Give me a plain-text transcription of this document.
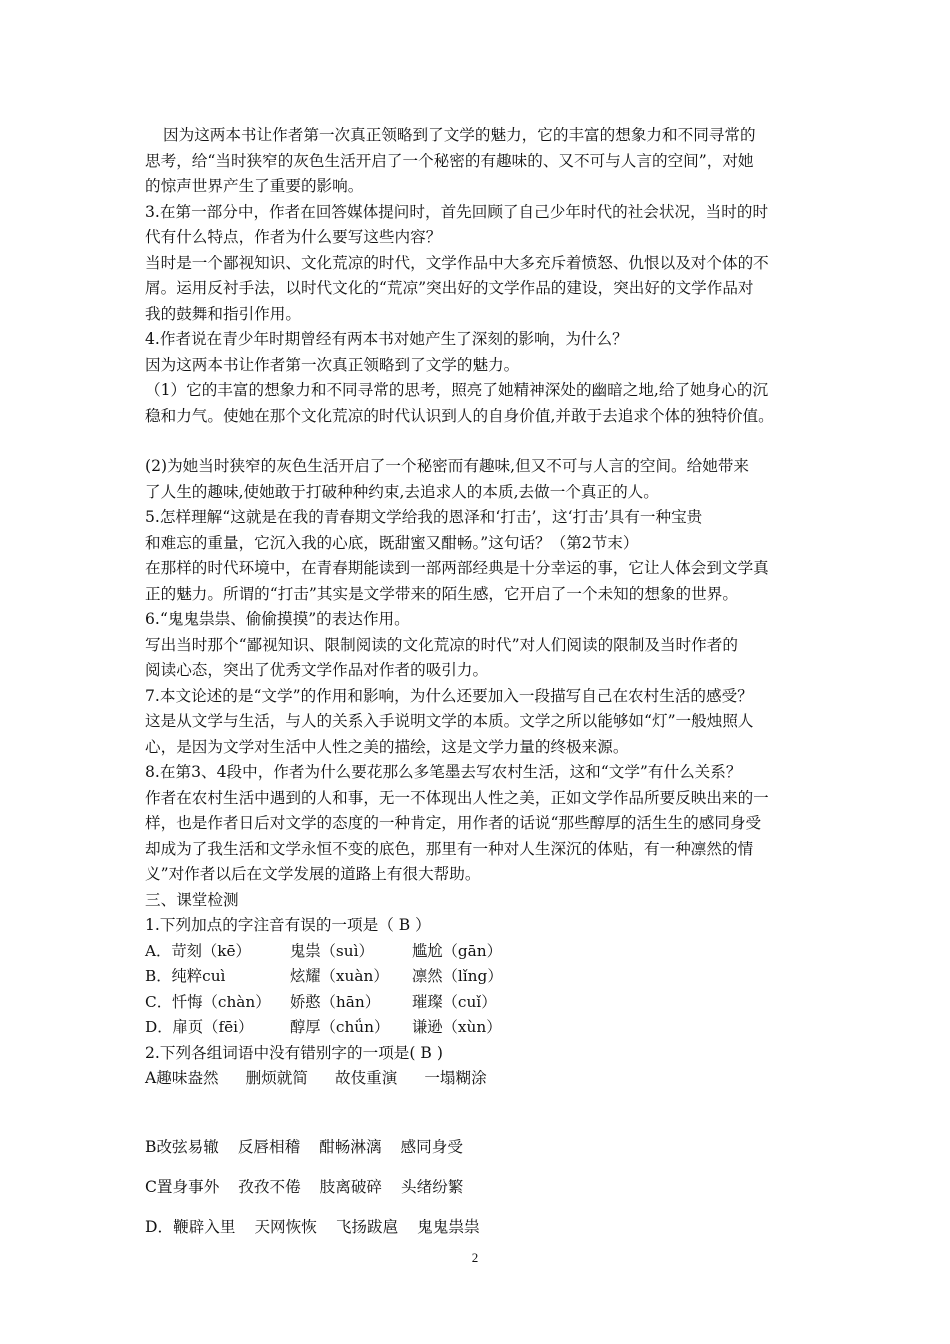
因为这两本书让作者第一次真正领略到了文学的魅力，它的丰富的想象力和不同寻常的

思考，给“当时狭窄的灰色生活开启了一个秘密的有趣味的、又不可与人言的空间”，对她

的惊声世界产生了重要的影响。

3.在第一部分中，作者在回答媒体提问时，首先回顾了自己少年时代的社会状况，当时的时

代有什么特点，作者为什么要写这些内容？

当时是一个鄙视知识、文化荒凉的时代，文学作品中大多充斥着愤怒、仇恨以及对个体的不

屑。运用反衬手法，以时代文化的“荒凉”突出好的文学作品的建设，突出好的文学作品对

我的鼓舞和指引作用。

4.作者说在青少年时期曾经有两本书对她产生了深刻的影响，为什么？

因为这两本书让作者第一次真正领略到了文学的魅力。

（1）它的丰富的想象力和不同寻常的思考，照亮了她精神深处的幽暗之地,给了她身心的沉

稳和力气。使她在那个文化荒凉的时代认识到人的自身价值,并敢于去追求个体的独特价值。

(2)为她当时狭窄的灰色生活开启了一个秘密而有趣味,但又不可与人言的空间。给她带来

了人生的趣味,使她敢于打破种种约束,去追求人的本质,去做一个真正的人。

5.怎样理解“这就是在我的青春期文学给我的恩泽和‘打击’，这‘打击’具有一种宝贵

和难忘的重量，它沉入我的心底，既甜蜜又酣畅。”这句话？（第2节末）

在那样的时代环境中，在青春期能读到一部两部经典是十分幸运的事，它让人体会到文学真

正的魅力。所谓的“打击”其实是文学带来的陌生感，它开启了一个未知的想象的世界。

6.“鬼鬼祟祟、偷偷摸摸”的表达作用。

写出当时那个“鄙视知识、限制阅读的文化荒凉的时代”对人们阅读的限制及当时作者的

阅读心态，突出了优秀文学作品对作者的吸引力。

7.本文论述的是“文学”的作用和影响，为什么还要加入一段描写自己在农村生活的感受？

这是从文学与生活，与人的关系入手说明文学的本质。文学之所以能够如“灯”一般烛照人

心，是因为文学对生活中人性之美的描绘，这是文学力量的终极来源。

8.在第3、4段中，作者为什么要花那么多笔墨去写农村生活，这和“文学”有什么关系？

作者在农村生活中遇到的人和事，无一不体现出人性之美，正如文学作品所要反映出来的一

样，也是作者日后对文学的态度的一种肯定，用作者的话说“那些醇厚的活生生的感同身受

却成为了我生活和文学永恒不变的底色，那里有一种对人生深沉的体贴，有一种凛然的情

义”对作者以后在文学发展的道路上有很大帮助。

三、课堂检测

1.下列加点的字注音有误的一项是（ B ）

A．苛刻（kē）	鬼祟（suì）	尴尬（gān）
B．纯粹cuì	炫耀（xuàn）	凛然（lǐng）
C．忏悔（chàn）	娇憨（hān）	璀璨（cuǐ）
D．扉页（fēi）	醇厚（chǘn）	谦逊（xùn）

2.下列各组词语中没有错别字的一项是( B )

A趣味盎然 删烦就简 故伎重演 一塌糊涂
B改弦易辙 反唇相稽 酣畅淋漓 感同身受
C置身事外 孜孜不倦 肢离破碎 头绪纷繁
D．鞭辟入里 天网恢恢 飞扬跋扈 鬼鬼祟祟
2
